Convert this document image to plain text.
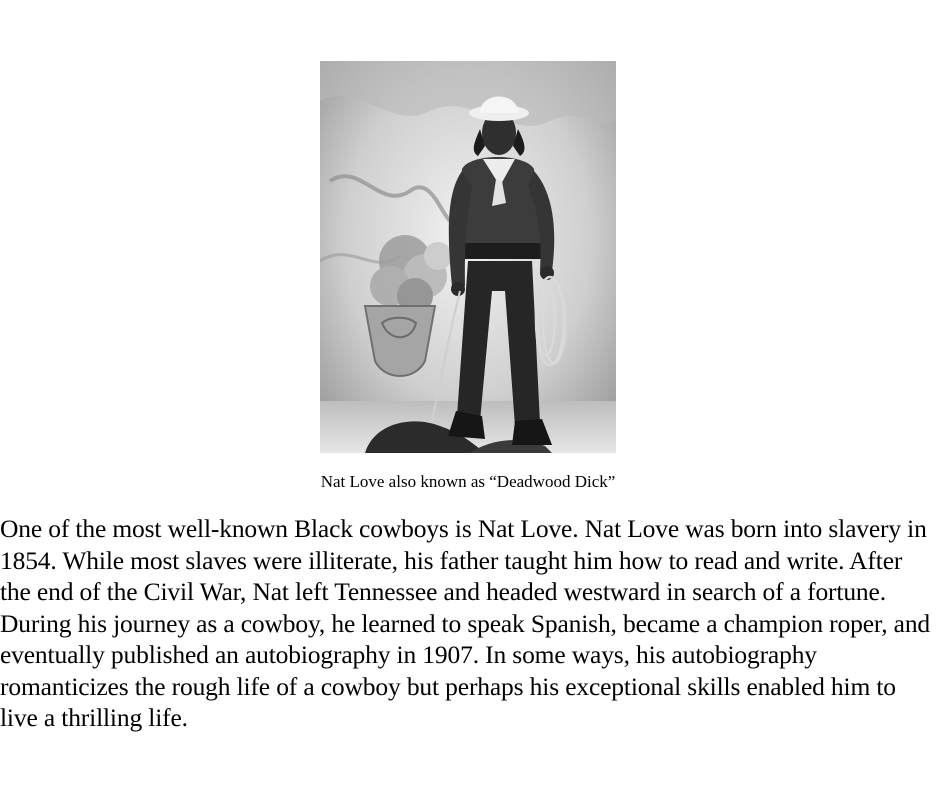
Nat Love also known as “Deadwood Dick”

One of the most well-known Black cowboys is Nat Love. Nat Love was born into slavery in 1854. While most slaves were illiterate, his father taught him how to read and write. After the end of the Civil War, Nat left Tennessee and headed westward in search of a fortune. During his journey as a cowboy, he learned to speak Spanish, became a champion roper, and eventually published an autobiography in 1907. In some ways, his autobiography romanticizes the rough life of a cowboy but perhaps his exceptional skills enabled him to live a thrilling life.
